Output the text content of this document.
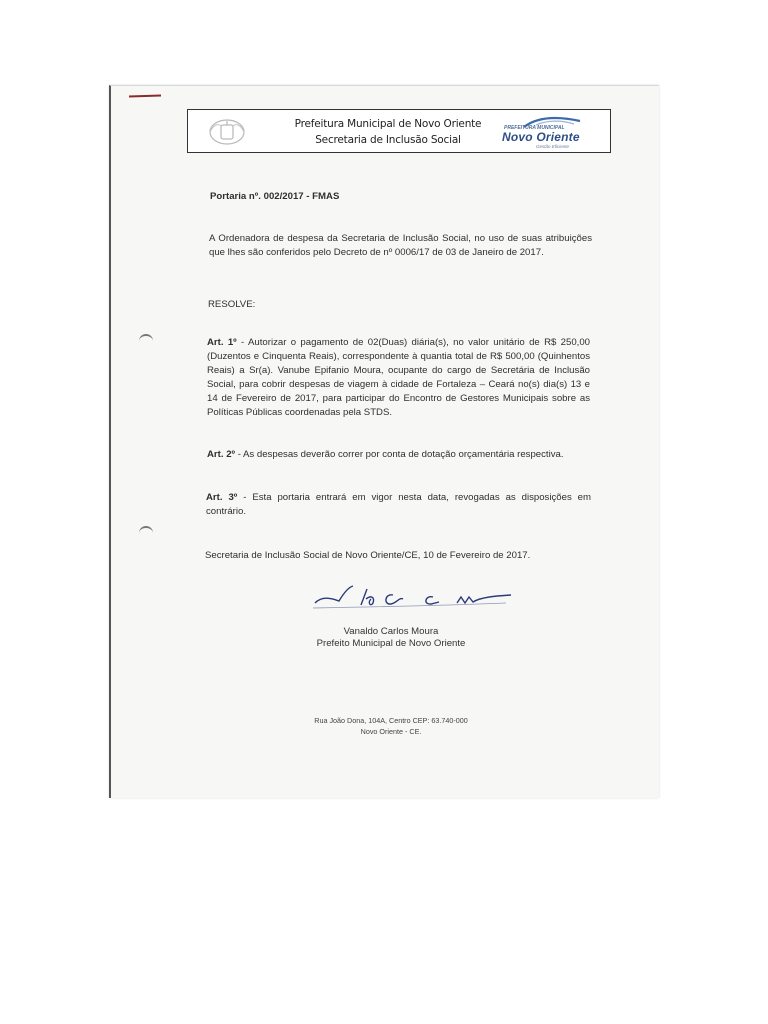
Prefeitura Municipal de Novo Oriente
Secretaria de Inclusão Social
PREFEITURA MUNICIPAL
Novo Oriente
Gestão Eficiente
Portaria nº. 002/2017 - FMAS
A Ordenadora de despesa da Secretaria de Inclusão Social, no uso de suas atribuições que lhes são conferidos pelo Decreto de nº 0006/17 de 03 de Janeiro de 2017.
RESOLVE:
Art. 1º - Autorizar o pagamento de 02(Duas) diária(s), no valor unitário de R$ 250,00 (Duzentos e Cinquenta Reais), correspondente à quantia total de R$ 500,00 (Quinhentos Reais) a Sr(a). Vanube Epifanio Moura, ocupante do cargo de Secretária de Inclusão Social, para cobrir despesas de viagem à cidade de Fortaleza – Ceará no(s) dia(s) 13 e 14 de Fevereiro de 2017, para participar do Encontro de Gestores Municipais sobre as Políticas Públicas coordenadas pela STDS.
Art. 2º - As despesas deverão correr por conta de dotação orçamentária respectiva.
Art. 3º - Esta portaria entrará em vigor nesta data, revogadas as disposições em contrário.
Secretaria de Inclusão Social de Novo Oriente/CE, 10 de Fevereiro de 2017.
Vanaldo Carlos Moura
Prefeito Municipal de Novo Oriente
Rua João Dona, 104A, Centro CEP: 63.740-000
Novo Oriente - CE.
